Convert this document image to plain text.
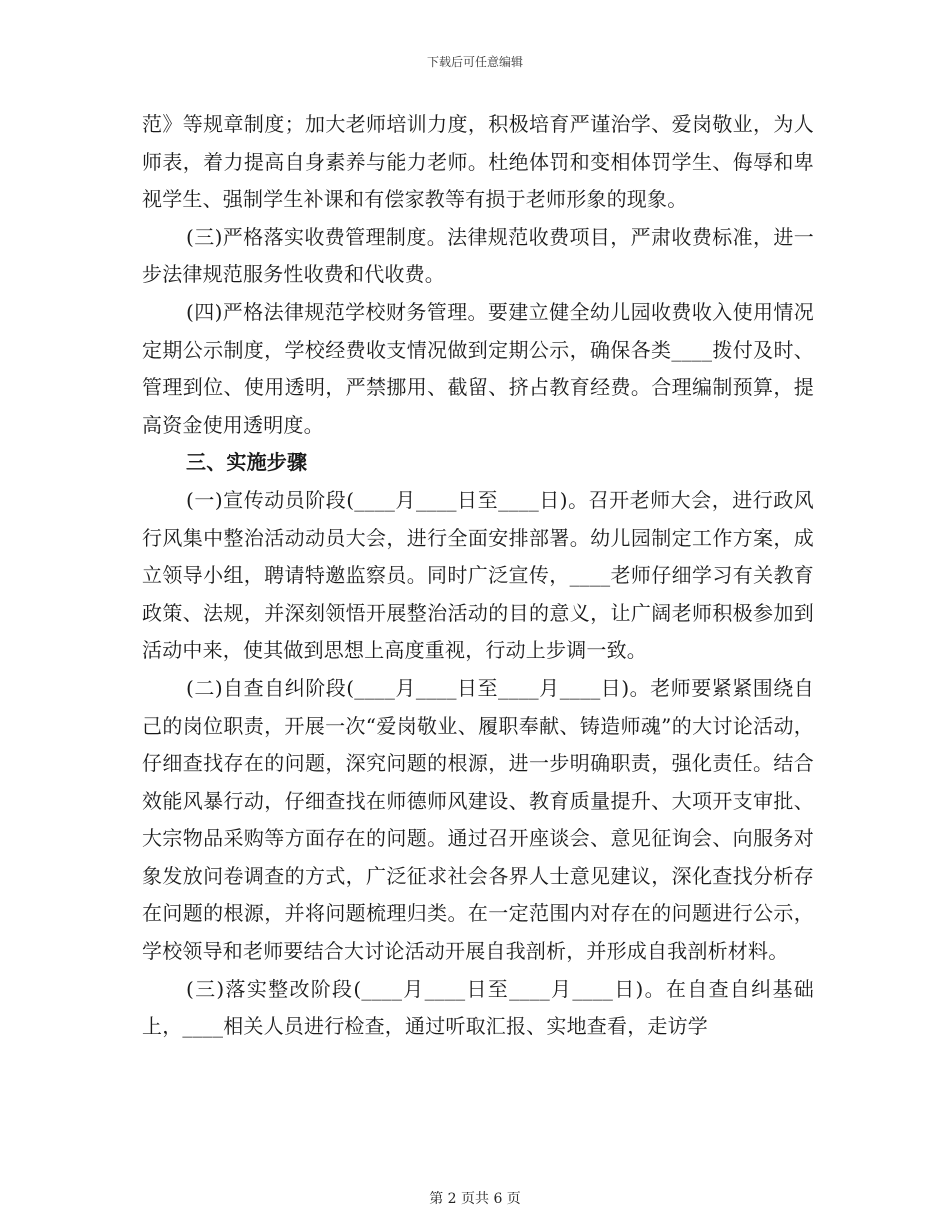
下载后可任意编辑

范》等规章制度；加大老师培训力度，积极培育严谨治学、爱岗敬业，为人师表，着力提高自身素养与能力老师。杜绝体罚和变相体罚学生、侮辱和卑视学生、强制学生补课和有偿家教等有损于老师形象的现象。

(三)严格落实收费管理制度。法律规范收费项目，严肃收费标准，进一步法律规范服务性收费和代收费。

(四)严格法律规范学校财务管理。要建立健全幼儿园收费收入使用情况定期公示制度，学校经费收支情况做到定期公示，确保各类____拨付及时、管理到位、使用透明，严禁挪用、截留、挤占教育经费。合理编制预算，提高资金使用透明度。

三、实施步骤

(一)宣传动员阶段(____月____日至____日)。召开老师大会，进行政风行风集中整治活动动员大会，进行全面安排部署。幼儿园制定工作方案，成立领导小组，聘请特邀监察员。同时广泛宣传，____老师仔细学习有关教育政策、法规，并深刻领悟开展整治活动的目的意义，让广阔老师积极参加到活动中来，使其做到思想上高度重视，行动上步调一致。

(二)自查自纠阶段(____月____日至____月____日)。老师要紧紧围绕自己的岗位职责，开展一次“爱岗敬业、履职奉献、铸造师魂”的大讨论活动，仔细查找存在的问题，深究问题的根源，进一步明确职责，强化责任。结合效能风暴行动，仔细查找在师德师风建设、教育质量提升、大项开支审批、大宗物品采购等方面存在的问题。通过召开座谈会、意见征询会、向服务对象发放问卷调查的方式，广泛征求社会各界人士意见建议，深化查找分析存在问题的根源，并将问题梳理归类。在一定范围内对存在的问题进行公示，学校领导和老师要结合大讨论活动开展自我剖析，并形成自我剖析材料。

(三)落实整改阶段(____月____日至____月____日)。在自查自纠基础上，____相关人员进行检查，通过听取汇报、实地查看，走访学

第 2 页共 6 页
